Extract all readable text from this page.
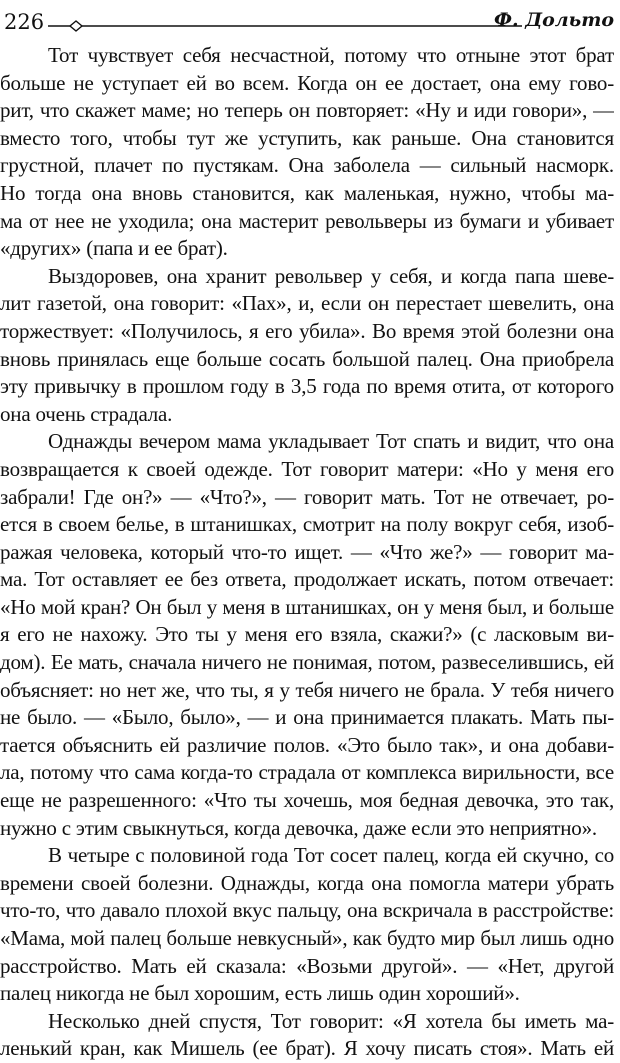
226	Ф. Дольто
Тот чувствует себя несчастной, потому что отныне этот брат
больше не уступает ей во всем. Когда он ее достает, она ему гово-
рит, что скажет маме; но теперь он повторяет: «Ну и иди говори», —
вместо того, чтобы тут же уступить, как раньше. Она становится
грустной, плачет по пустякам. Она заболела — сильный насморк.
Но тогда она вновь становится, как маленькая, нужно, чтобы ма-
ма от нее не уходила; она мастерит револьверы из бумаги и убивает
«других» (папа и ее брат).
Выздоровев, она хранит револьвер у себя, и когда папа шеве-
лит газетой, она говорит: «Пах», и, если он перестает шевелить, она
торжествует: «Получилось, я его убила». Во время этой болезни она
вновь принялась еще больше сосать большой палец. Она приобрела
эту привычку в прошлом году в 3,5 года по время отита, от которого
она очень страдала.
Однажды вечером мама укладывает Тот спать и видит, что она
возвращается к своей одежде. Тот говорит матери: «Но у меня его
забрали! Где он?» — «Что?», — говорит мать. Тот не отвечает, ро-
ется в своем белье, в штанишках, смотрит на полу вокруг себя, изоб-
ражая человека, который что-то ищет. — «Что же?» — говорит ма-
ма. Тот оставляет ее без ответа, продолжает искать, потом отвечает:
«Но мой кран? Он был у меня в штанишках, он у меня был, и больше
я его не нахожу. Это ты у меня его взяла, скажи?» (с ласковым ви-
дом). Ее мать, сначала ничего не понимая, потом, развеселившись, ей
объясняет: но нет же, что ты, я у тебя ничего не брала. У тебя ничего
не было. — «Было, было», — и она принимается плакать. Мать пы-
тается объяснить ей различие полов. «Это было так», и она добави-
ла, потому что сама когда-то страдала от комплекса вирильности, все
еще не разрешенного: «Что ты хочешь, моя бедная девочка, это так,
нужно с этим свыкнуться, когда девочка, даже если это неприятно».
В четыре с половиной года Тот сосет палец, когда ей скучно, со
времени своей болезни. Однажды, когда она помогла матери убрать
что-то, что давало плохой вкус пальцу, она вскричала в расстройстве:
«Мама, мой палец больше невкусный», как будто мир был лишь одно
расстройство. Мать ей сказала: «Возьми другой». — «Нет, другой
палец никогда не был хорошим, есть лишь один хороший».
Несколько дней спустя, Тот говорит: «Я хотела бы иметь ма-
ленький кран, как Мишель (ее брат). Я хочу писать стоя». Мать ей
